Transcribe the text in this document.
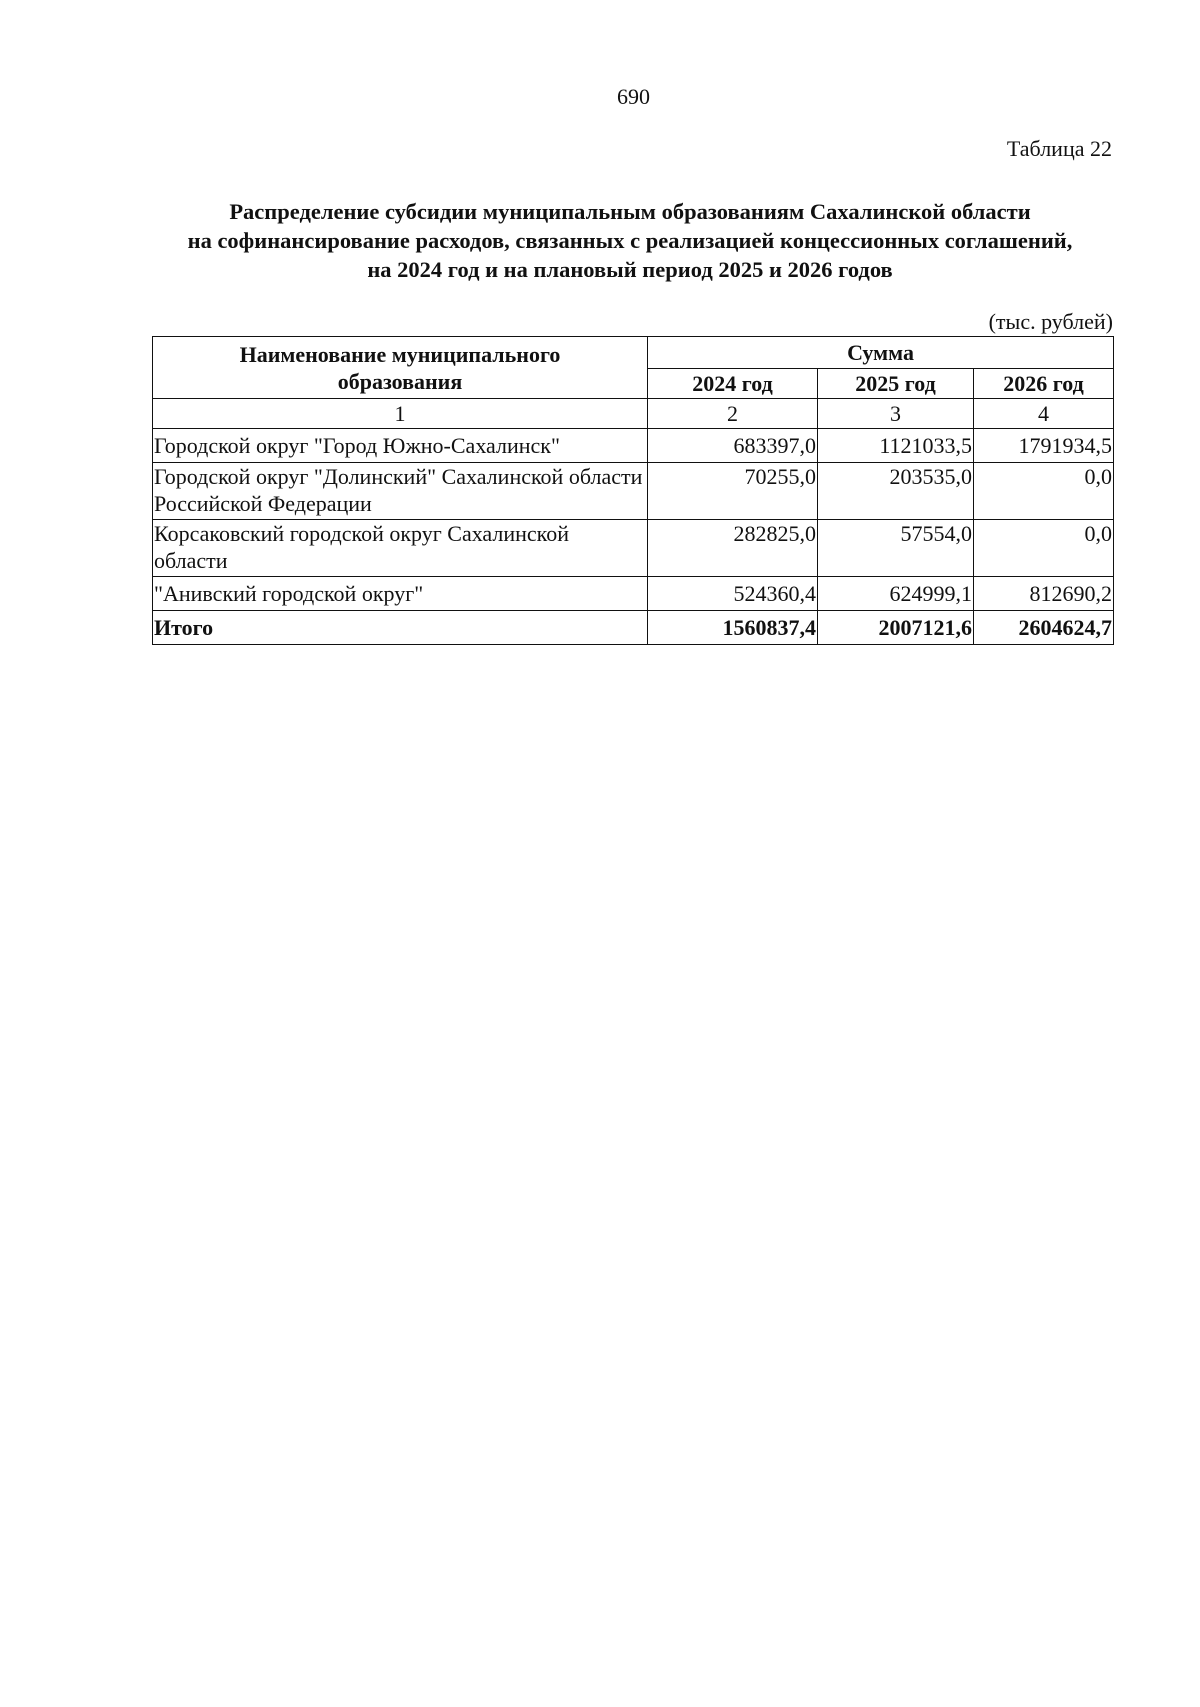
690
Таблица 22
Распределение субсидии муниципальным образованиям Сахалинской области
на софинансирование расходов, связанных с реализацией концессионных соглашений,
на 2024 год и на плановый период 2025 и 2026 годов
(тыс. рублей)
Наименование муниципального образования	Сумма		
	2024 год	2025 год	2026 год
1	2	3	4
Городской округ "Город Южно-Сахалинск"	683397,0	1121033,5	1791934,5
Городской округ "Долинский" Сахалинской области Российской Федерации	70255,0	203535,0	0,0
Корсаковский городской округ Сахалинской области	282825,0	57554,0	0,0
"Анивский городской округ"	524360,4	624999,1	812690,2
Итого	1560837,4	2007121,6	2604624,7
